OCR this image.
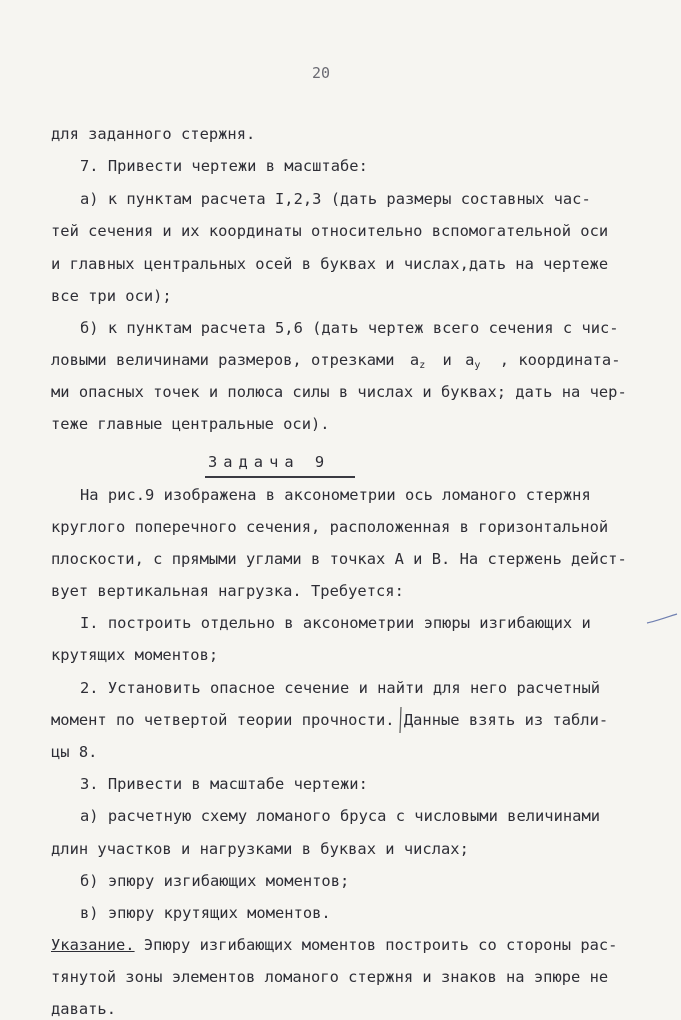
20
для заданного стержня.
7. Привести чертежи в масштабе:
а) к пунктам расчета I,2,3 (дать размеры составных час-
тей сечения и их координаты относительно вспомогательной оси
и главных центральных осей в буквах и числах,дать на чертеже
все три оси);
б) к пунктам расчета 5,6 (дать чертеж всего сечения с чис-
ловыми величинами размеров, отрезками az и ay , координата-
ми опасных точек и полюса силы в числах и буквах; дать на чер-
теже главные центральные оси).
Задача 9
На рис.9 изображена в аксонометрии ось ломаного стержня
круглого поперечного сечения, расположенная в горизонтальной
плоскости, с прямыми углами в точках А и В. На стержень дейст-
вует вертикальная нагрузка. Требуется:
I. построить отдельно в аксонометрии эпюры изгибающих и
крутящих моментов;
2. Установить опасное сечение и найти для него расчетный
момент по четвертой теории прочности. Данные взять из табли-
цы 8.
3. Привести в масштабе чертежи:
а) расчетную схему ломаного бруса с числовыми величинами
длин участков и нагрузками в буквах и числах;
б) эпюру изгибающих моментов;
в) эпюру крутящих моментов.
Указание. Эпюру изгибающих моментов построить со стороны рас-
тянутой зоны элементов ломаного стержня и знаков на эпюре не
давать.
